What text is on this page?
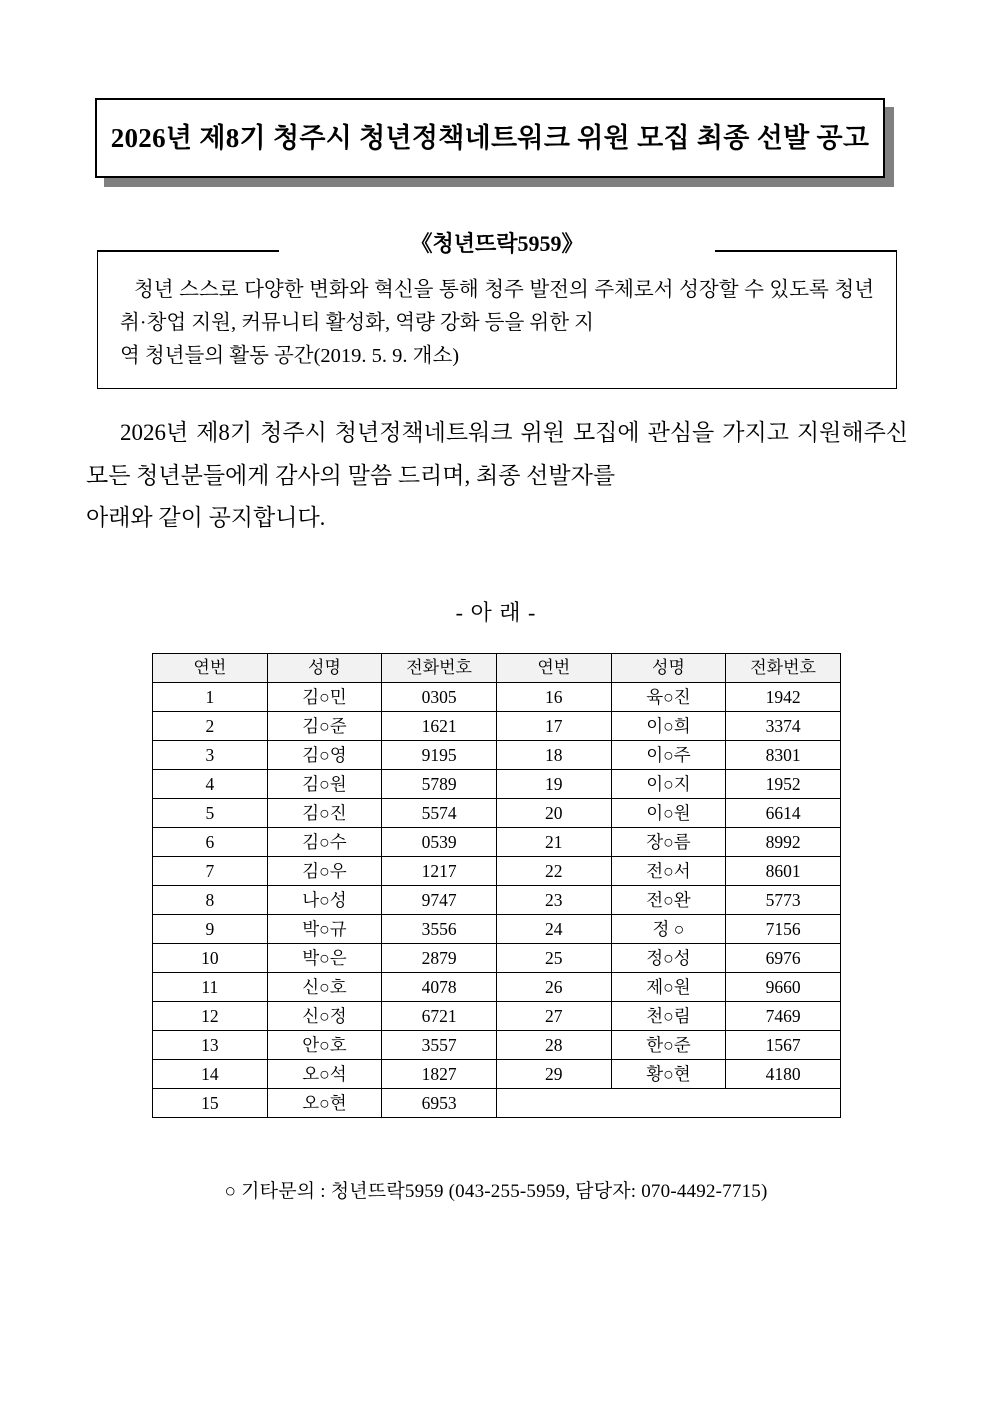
2026년 제8기 청주시 청년정책네트워크 위원 모집 최종 선발 공고
《청년뜨락5959》
청년 스스로 다양한 변화와 혁신을 통해 청주 발전의 주체로서 성장할 수 있도록 청년 취·창업 지원, 커뮤니티 활성화, 역량 강화 등을 위한 지
역 청년들의 활동 공간(2019. 5. 9. 개소)
2026년 제8기 청주시 청년정책네트워크 위원 모집에 관심을 가지고 지원해주신 모든 청년분들에게 감사의 말씀 드리며, 최종 선발자를
아래와 같이 공지합니다.
- 아 래 -
연번	성명	전화번호	연번	성명	전화번호
1	김○민	0305	16	육○진	1942
2	김○준	1621	17	이○희	3374
3	김○영	9195	18	이○주	8301
4	김○원	5789	19	이○지	1952
5	김○진	5574	20	이○원	6614
6	김○수	0539	21	장○름	8992
7	김○우	1217	22	전○서	8601
8	나○성	9747	23	전○완	5773
9	박○규	3556	24	정 ○	7156
10	박○은	2879	25	정○성	6976
11	신○호	4078	26	제○원	9660
12	신○정	6721	27	천○림	7469
13	안○호	3557	28	한○준	1567
14	오○석	1827	29	황○현	4180
15	오○현	6953			
○ 기타문의 : 청년뜨락5959 (043-255-5959, 담당자: 070-4492-7715)
